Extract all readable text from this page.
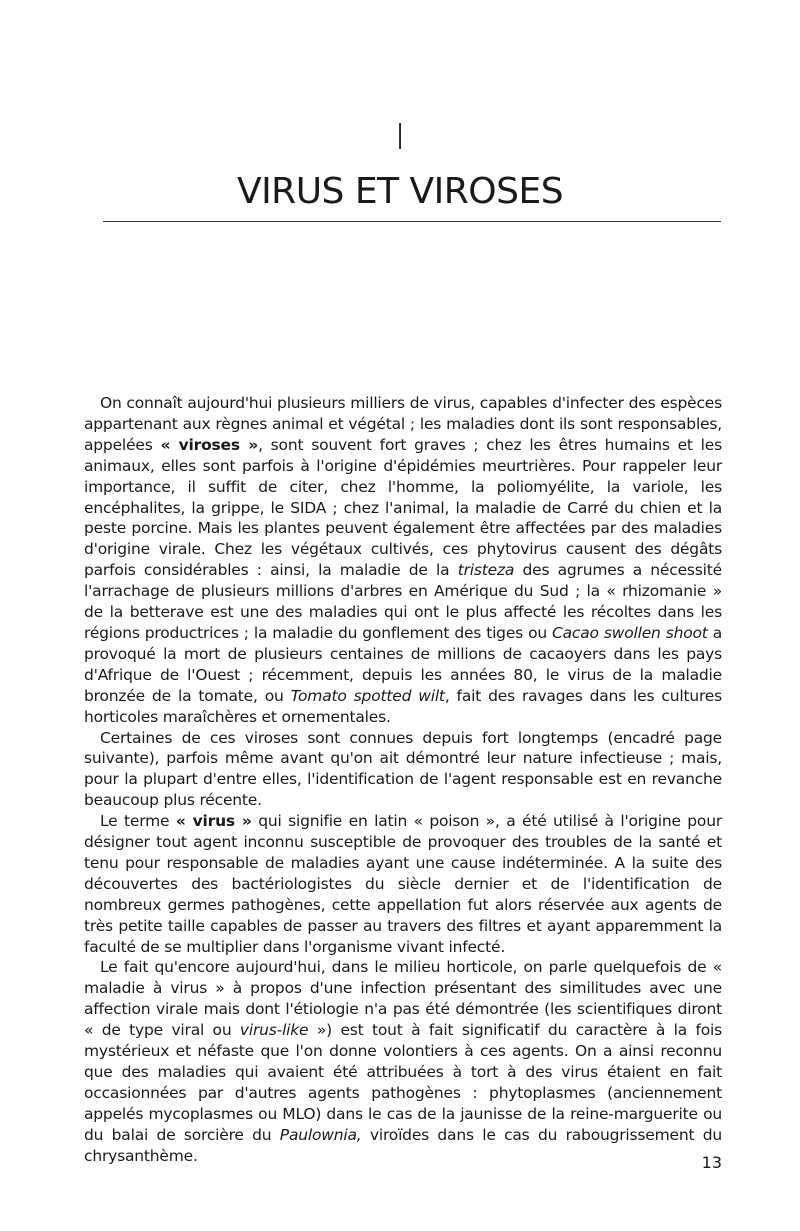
I
VIRUS ET VIROSES

On connaît aujourd'hui plusieurs milliers de virus, capables d'infecter des espèces appartenant aux règnes animal et végétal ; les maladies dont ils sont responsables, appelées « viroses », sont souvent fort graves ; chez les êtres humains et les animaux, elles sont parfois à l'origine d'épidémies meurtrières. Pour rappeler leur importance, il suffit de citer, chez l'homme, la poliomyélite, la variole, les encéphalites, la grippe, le SIDA ; chez l'animal, la maladie de Carré du chien et la peste porcine. Mais les plantes peuvent également être affectées par des maladies d'origine virale. Chez les végétaux cultivés, ces phytovirus causent des dégâts parfois considérables : ainsi, la maladie de la tristeza des agrumes a nécessité l'arrachage de plusieurs millions d'arbres en Amérique du Sud ; la « rhizomanie » de la betterave est une des maladies qui ont le plus affecté les récoltes dans les régions productrices ; la maladie du gonflement des tiges ou Cacao swollen shoot a provoqué la mort de plusieurs centaines de millions de cacaoyers dans les pays d'Afrique de l'Ouest ; récemment, depuis les années 80, le virus de la maladie bronzée de la tomate, ou Tomato spotted wilt, fait des ravages dans les cultures horticoles maraîchères et ornementales.

Certaines de ces viroses sont connues depuis fort longtemps (encadré page suivante), parfois même avant qu'on ait démontré leur nature infectieuse ; mais, pour la plupart d'entre elles, l'identification de l'agent responsable est en revanche beaucoup plus récente.

Le terme « virus » qui signifie en latin « poison », a été utilisé à l'origine pour désigner tout agent inconnu susceptible de provoquer des troubles de la santé et tenu pour responsable de maladies ayant une cause indéterminée. A la suite des découvertes des bactériologistes du siècle dernier et de l'identification de nombreux germes pathogènes, cette appellation fut alors réservée aux agents de très petite taille capables de passer au travers des filtres et ayant apparemment la faculté de se multiplier dans l'organisme vivant infecté.

Le fait qu'encore aujourd'hui, dans le milieu horticole, on parle quelquefois de « maladie à virus » à propos d'une infection présentant des similitudes avec une affection virale mais dont l'étiologie n'a pas été démontrée (les scientifiques diront « de type viral ou virus-like ») est tout à fait significatif du caractère à la fois mystérieux et néfaste que l'on donne volontiers à ces agents. On a ainsi reconnu que des maladies qui avaient été attribuées à tort à des virus étaient en fait occasionnées par d'autres agents pathogènes : phytoplasmes (anciennement appelés mycoplasmes ou MLO) dans le cas de la jaunisse de la reine-marguerite ou du balai de sorcière du Paulownia, viroïdes dans le cas du rabougrissement du chrysanthème.	13
